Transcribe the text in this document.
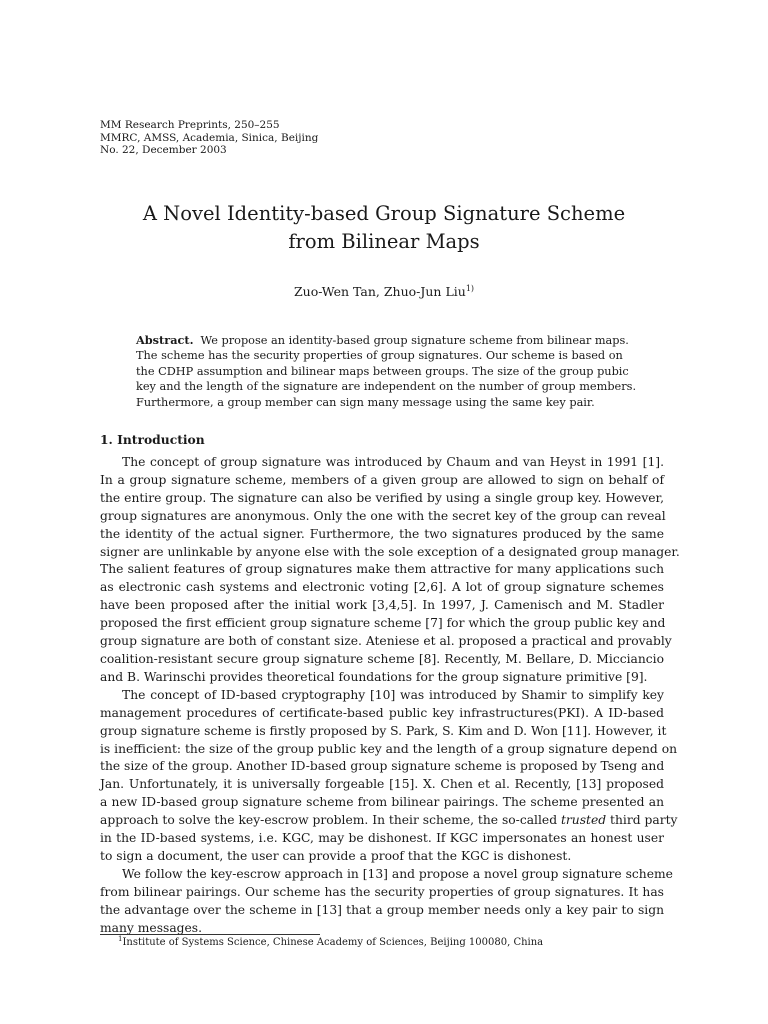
MM Research Preprints, 250–255
MMRC, AMSS, Academia, Sinica, Beijing
No. 22, December 2003
A Novel Identity-based Group Signature Scheme
from Bilinear Maps
Zuo-Wen Tan, Zhuo-Jun Liu$^{1)}$
Abstract. We propose an identity-based group signature scheme from bilinear maps.
The scheme has the security properties of group signatures. Our scheme is based on
the CDHP assumption and bilinear maps between groups. The size of the group pubic
key and the length of the signature are independent on the number of group members.
Furthermore, a group member can sign many message using the same key pair.
1. Introduction
The concept of group signature was introduced by Chaum and van Heyst in 1991 [1].
In a group signature scheme, members of a given group are allowed to sign on behalf of
the entire group. The signature can also be verified by using a single group key. However,
group signatures are anonymous. Only the one with the secret key of the group can reveal
the identity of the actual signer. Furthermore, the two signatures produced by the same
signer are unlinkable by anyone else with the sole exception of a designated group manager.
The salient features of group signatures make them attractive for many applications such
as electronic cash systems and electronic voting [2,6]. A lot of group signature schemes
have been proposed after the initial work [3,4,5]. In 1997, J. Camenisch and M. Stadler
proposed the first efficient group signature scheme [7] for which the group public key and
group signature are both of constant size. Ateniese et al. proposed a practical and provably
coalition-resistant secure group signature scheme [8]. Recently, M. Bellare, D. Micciancio
and B. Warinschi provides theoretical foundations for the group signature primitive [9].
The concept of ID-based cryptography [10] was introduced by Shamir to simplify key
management procedures of certificate-based public key infrastructures(PKI). A ID-based
group signature scheme is firstly proposed by S. Park, S. Kim and D. Won [11]. However, it
is inefficient: the size of the group public key and the length of a group signature depend on
the size of the group. Another ID-based group signature scheme is proposed by Tseng and
Jan. Unfortunately, it is universally forgeable [15]. X. Chen et al. Recently, [13] proposed
a new ID-based group signature scheme from bilinear pairings. The scheme presented an
approach to solve the key-escrow problem. In their scheme, the so-called trusted third party
in the ID-based systems, i.e. KGC, may be dishonest. If KGC impersonates an honest user
to sign a document, the user can provide a proof that the KGC is dishonest.
We follow the key-escrow approach in [13] and propose a novel group signature scheme
from bilinear pairings. Our scheme has the security properties of group signatures. It has
the advantage over the scheme in [13] that a group member needs only a key pair to sign
many messages.
$^1$Institute of Systems Science, Chinese Academy of Sciences, Beijing 100080, China
